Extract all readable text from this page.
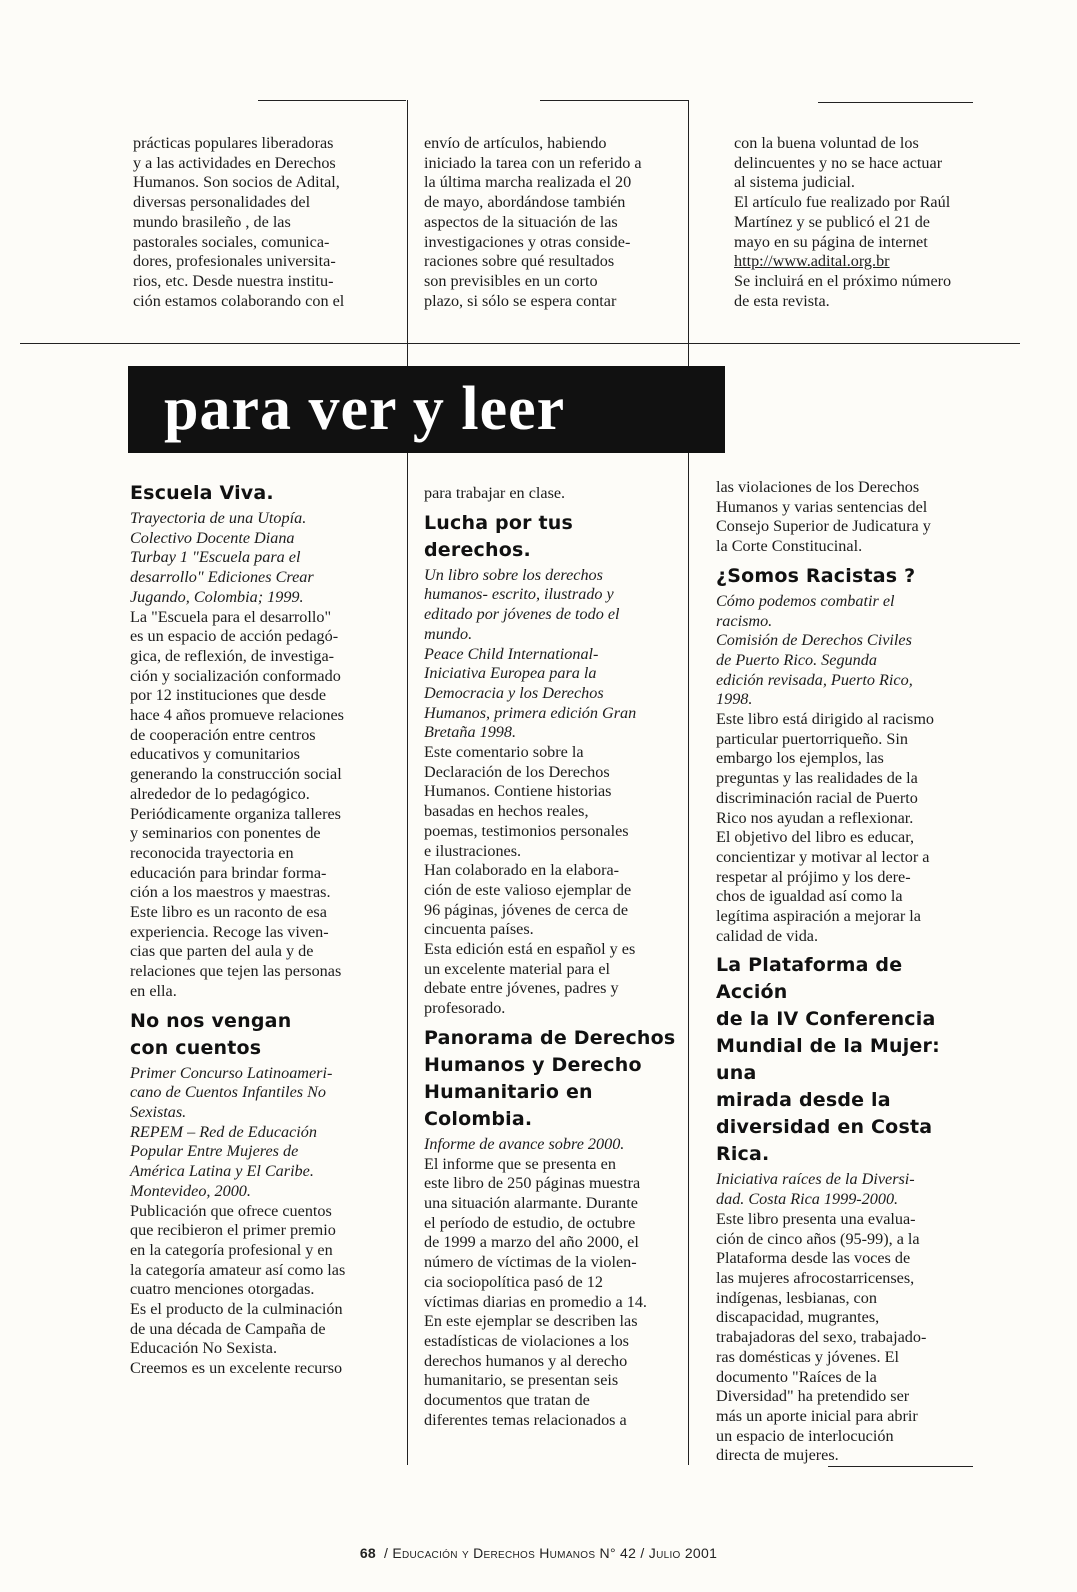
prácticas populares liberadoras
y a las actividades en Derechos
Humanos. Son socios de Adital,
diversas personalidades del
mundo brasileño , de las
pastorales sociales, comunica-
dores, profesionales universita-
rios, etc. Desde nuestra institu-
ción estamos colaborando con el
envío de artículos, habiendo
iniciado la tarea con un referido a
la última marcha realizada el 20
de mayo, abordándose también
aspectos de la situación de las
investigaciones y otras conside-
raciones sobre qué resultados
son previsibles en un corto
plazo, si sólo se espera contar
con la buena voluntad de los
delincuentes y no se hace actuar
al sistema judicial.
El artículo fue realizado por Raúl
Martínez y se publicó el 21 de
mayo en su página de internet

http://www.adital.org.br

Se incluirá en el próximo número
de esta revista.
para ver y leer
Escuela Viva.
Trayectoria de una Utopía.
Colectivo Docente Diana
Turbay 1 "Escuela para el
desarrollo" Ediciones Crear
Jugando, Colombia; 1999.
La "Escuela para el desarrollo"
es un espacio de acción pedagó-
gica, de reflexión, de investiga-
ción y socialización conformado
por 12 instituciones que desde
hace 4 años promueve relaciones
de cooperación entre centros
educativos y comunitarios
generando la construcción social
alrededor de lo pedagógico.
Periódicamente organiza talleres
y seminarios con ponentes de
reconocida trayectoria en
educación para brindar forma-
ción a los maestros y maestras.
Este libro es un raconto de esa
experiencia. Recoge las viven-
cias que parten del aula y de
relaciones que tejen las personas
en ella.
No nos vengan
con cuentos
Primer Concurso Latinoameri-
cano de Cuentos Infantiles No
Sexistas.
REPEM – Red de Educación
Popular Entre Mujeres de
América Latina y El Caribe.
Montevideo, 2000.
Publicación que ofrece cuentos
que recibieron el primer premio
en la categoría profesional y en
la categoría amateur así como las
cuatro menciones otorgadas.
Es el producto de la culminación
de una década de Campaña de
Educación No Sexista.
Creemos es un excelente recurso
para trabajar en clase.
Lucha por tus derechos.
Un libro sobre los derechos
humanos- escrito, ilustrado y
editado por jóvenes de todo el
mundo.
Peace Child International-
Iniciativa Europea para la
Democracia y los Derechos
Humanos, primera edición Gran
Bretaña 1998.
Este comentario sobre la
Declaración de los Derechos
Humanos. Contiene historias
basadas en hechos reales,
poemas, testimonios personales
e ilustraciones.
Han colaborado en la elabora-
ción de este valioso ejemplar de
96 páginas, jóvenes de cerca de
cincuenta países.
Esta edición está en español y es
un excelente material para el
debate entre jóvenes, padres y
profesorado.
Panorama de Derechos
Humanos y Derecho
Humanitario en Colombia.
Informe de avance sobre 2000.
El informe que se presenta en
este libro de 250 páginas muestra
una situación alarmante. Durante
el período de estudio, de octubre
de 1999 a marzo del año 2000, el
número de víctimas de la violen-
cia sociopolítica pasó de 12
víctimas diarias en promedio a 14.
En este ejemplar se describen las
estadísticas de violaciones a los
derechos humanos y al derecho
humanitario, se presentan seis
documentos que tratan de
diferentes temas relacionados a
las violaciones de los Derechos
Humanos y varias sentencias del
Consejo Superior de Judicatura y
la Corte Constitucinal.
¿Somos Racistas ?
Cómo podemos combatir el
racismo.
Comisión de Derechos Civiles
de Puerto Rico. Segunda
edición revisada, Puerto Rico,
1998.
Este libro está dirigido al racismo
particular puertorriqueño. Sin
embargo los ejemplos, las
preguntas y las realidades de la
discriminación racial de Puerto
Rico nos ayudan a reflexionar.
El objetivo del libro es educar,
concientizar y motivar al lector a
respetar al prójimo y los dere-
chos de igualdad así como la
legítima aspiración a mejorar la
calidad de vida.
La Plataforma de Acción
de la IV Conferencia
Mundial de la Mujer: una
mirada desde la
diversidad en Costa Rica.
Iniciativa raíces de la Diversi-
dad. Costa Rica 1999-2000.
Este libro presenta una evalua-
ción de cinco años (95-99), a la
Plataforma desde las voces de
las mujeres afrocostarricenses,
indígenas, lesbianas, con
discapacidad, mugrantes,
trabajadoras del sexo, trabajado-
ras domésticas y jóvenes. El
documento "Raíces de la
Diversidad" ha pretendido ser
más un aporte inicial para abrir
un espacio de interlocución
directa de mujeres.
68 / Educación y Derechos Humanos N° 42 / Julio 2001
